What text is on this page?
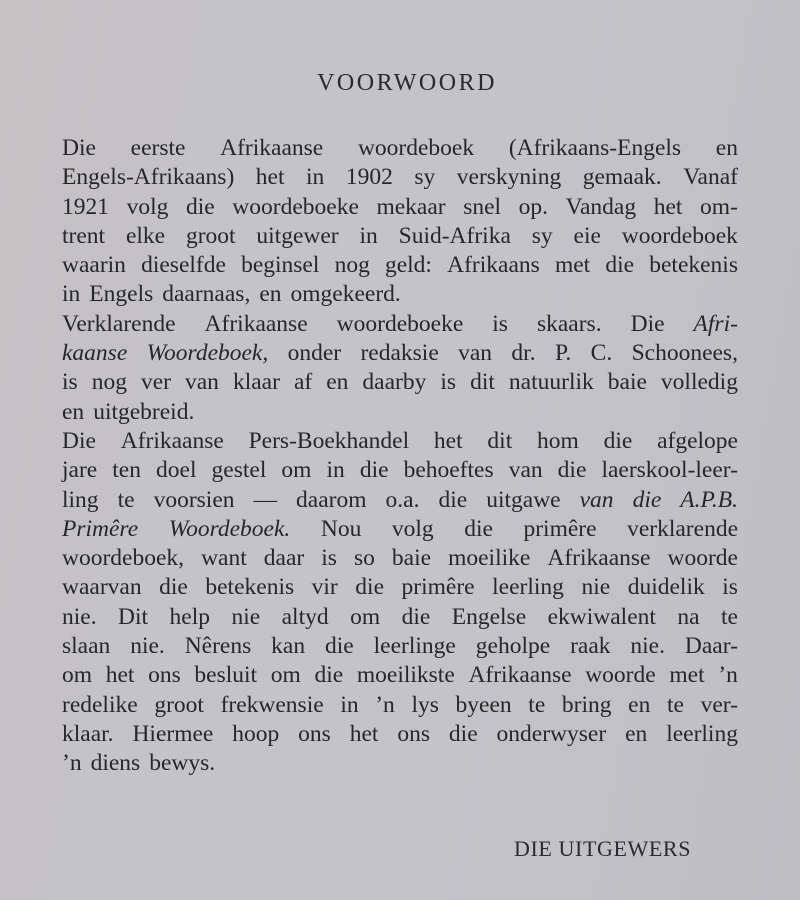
VOORWOORD
Die eerste Afrikaanse woordeboek (Afrikaans-Engels en
Engels-Afrikaans) het in 1902 sy verskyning gemaak. Vanaf
1921 volg die woordeboeke mekaar snel op. Vandag het om-
trent elke groot uitgewer in Suid-Afrika sy eie woordeboek
waarin dieselfde beginsel nog geld: Afrikaans met die betekenis
in Engels daarnaas, en omgekeerd.
Verklarende Afrikaanse woordeboeke is skaars. Die Afri-
kaanse Woordeboek, onder redaksie van dr. P. C. Schoonees,
is nog ver van klaar af en daarby is dit natuurlik baie volledig
en uitgebreid.
Die Afrikaanse Pers-Boekhandel het dit hom die afgelope
jare ten doel gestel om in die behoeftes van die laerskool-leer-
ling te voorsien — daarom o.a. die uitgawe van die A.P.B.
Primêre Woordeboek. Nou volg die primêre verklarende
woordeboek, want daar is so baie moeilike Afrikaanse woorde
waarvan die betekenis vir die primêre leerling nie duidelik is
nie. Dit help nie altyd om die Engelse ekwiwalent na te
slaan nie. Nêrens kan die leerlinge geholpe raak nie. Daar-
om het ons besluit om die moeilikste Afrikaanse woorde met ’n
redelike groot frekwensie in ’n lys byeen te bring en te ver-
klaar. Hiermee hoop ons het ons die onderwyser en leerling
’n diens bewys.
DIE UITGEWERS
